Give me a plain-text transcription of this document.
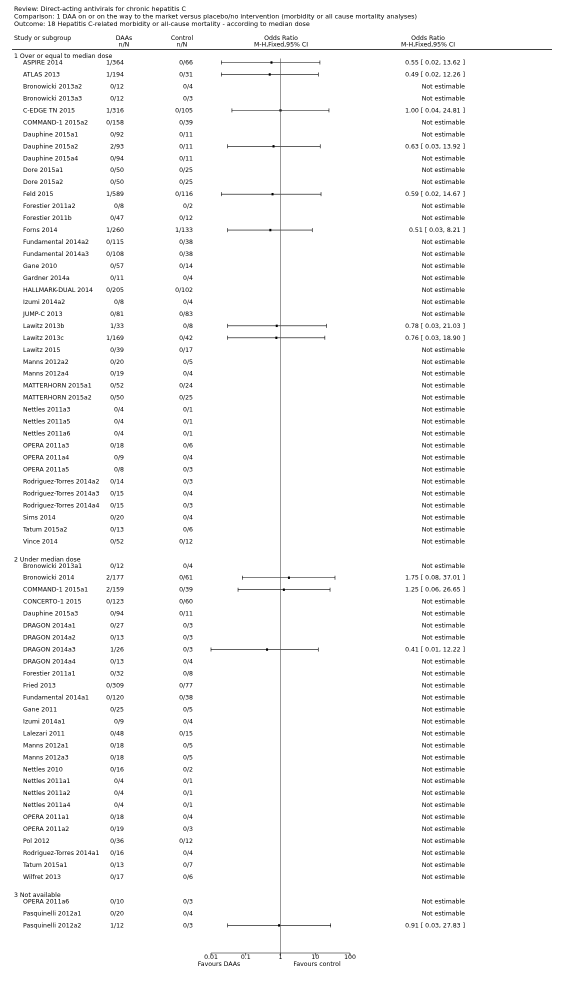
Review: Direct-acting antivirals for chronic hepatitis C
Comparison: 1 DAA on or on the way to the market versus placebo/no intervention (morbidity or all cause mortality analyses)
Outcome: 18 Hepatitis C-related morbidity or all-cause mortality - according to median dose
Study or subgroup	DAAs
n/N
Control
n/N
Odds Ratio
M-H,Fixed,95% CI
Odds Ratio
M-H,Fixed,95% CI
1 Over or equal to median dose
ASPIRE 2014	1/364	0/66	0.55 [ 0.02, 13.62 ]
ATLAS 2013	1/194	0/31	0.49 [ 0.02, 12.26 ]
Bronowicki 2013a2	0/12	0/4	Not estimable
Bronowicki 2013a3	0/12	0/3	Not estimable
C-EDGE TN 2015	1/316	0/105	1.00 [ 0.04, 24.81 ]
COMMAND-1 2015a2	0/158	0/39	Not estimable
Dauphine 2015a1	0/92	0/11	Not estimable
Dauphine 2015a2	2/93	0/11	0.63 [ 0.03, 13.92 ]
Dauphine 2015a4	0/94	0/11	Not estimable
Dore 2015a1	0/50	0/25	Not estimable
Dore 2015a2	0/50	0/25	Not estimable
Feld 2015	1/589	0/116	0.59 [ 0.02, 14.67 ]
Forestier 2011a2	0/8	0/2	Not estimable
Forestier 2011b	0/47	0/12	Not estimable
Forns 2014	1/260	1/133	0.51 [ 0.03, 8.21 ]
Fundamental 2014a2	0/115	0/38	Not estimable
Fundamental 2014a3	0/108	0/38	Not estimable
Gane 2010	0/57	0/14	Not estimable
Gardner 2014a	0/11	0/4	Not estimable
HALLMARK-DUAL 2014 0/205	0/102	Not estimable
Izumi 2014a2	0/8	0/4	Not estimable
JUMP-C 2013	0/81	0/83	Not estimable
Lawitz 2013b	1/33	0/8	0.78 [ 0.03, 21.03 ]
Lawitz 2013c	1/169	0/42	0.76 [ 0.03, 18.90 ]
Lawitz 2015	0/39	0/17	Not estimable
Manns 2012a2	0/20	0/5	Not estimable
Manns 2012a4	0/19	0/4	Not estimable
MATTERHORN 2015a1	0/52	0/24	Not estimable
MATTERHORN 2015a2	0/50	0/25	Not estimable
Nettles 2011a3	0/4	0/1	Not estimable
Nettles 2011a5	0/4	0/1	Not estimable
Nettles 2011a6	0/4	0/1	Not estimable
OPERA 2011a3	0/18	0/6	Not estimable
OPERA 2011a4	0/9	0/4	Not estimable
OPERA 2011a5	0/8	0/3	Not estimable
Rodriguez-Torres 2014a2 0/14	0/3	Not estimable
Rodriguez-Torres 2014a3 0/15	0/4	Not estimable
Rodriguez-Torres 2014a4 0/15	0/3	Not estimable
Sims 2014	0/20	0/4	Not estimable
Tatum 2015a2	0/13	0/6	Not estimable
Vince 2014	0/52	0/12	Not estimable
2 Under median dose
Bronowicki 2013a1	0/12	0/4	Not estimable
Bronowicki 2014	2/177	0/61	1.75 [ 0.08, 37.01 ]
COMMAND-1 2015a1	2/159	0/39	1.25 [ 0.06, 26.65 ]
CONCERTO-1 2015	0/123	0/60	Not estimable
Dauphine 2015a3	0/94	0/11	Not estimable
DRAGON 2014a1	0/27	0/3	Not estimable
DRAGON 2014a2	0/13	0/3	Not estimable
DRAGON 2014a3	1/26	0/3	0.41 [ 0.01, 12.22 ]
DRAGON 2014a4	0/13	0/4	Not estimable
Forestier 2011a1	0/32	0/8	Not estimable
Fried 2013	0/309	0/77	Not estimable
Fundamental 2014a1	0/120	0/38	Not estimable
Gane 2011	0/25	0/5	Not estimable
Izumi 2014a1	0/9	0/4	Not estimable
Lalezari 2011	0/48	0/15	Not estimable
Manns 2012a1	0/18	0/5	Not estimable
Manns 2012a3	0/18	0/5	Not estimable
Nettles 2010	0/16	0/2	Not estimable
Nettles 2011a1	0/4	0/1	Not estimable
Nettles 2011a2	0/4	0/1	Not estimable
Nettles 2011a4	0/4	0/1	Not estimable
OPERA 2011a1	0/18	0/4	Not estimable
OPERA 2011a2	0/19	0/3	Not estimable
Pol 2012	0/36	0/12	Not estimable
Rodriguez-Torres 2014a1 0/16	0/4	Not estimable
Tatum 2015a1	0/13	0/7	Not estimable
Wilfret 2013	0/17	0/6	Not estimable
3 Not available
OPERA 2011a6	0/10	0/3	Not estimable
Pasquinelli 2012a1	0/20	0/4	Not estimable
Pasquinelli 2012a2	1/12	0/3	0.91 [ 0.03, 27.83 ]
0.01	0.1	1	10	100
Favours DAAs	Favours control
